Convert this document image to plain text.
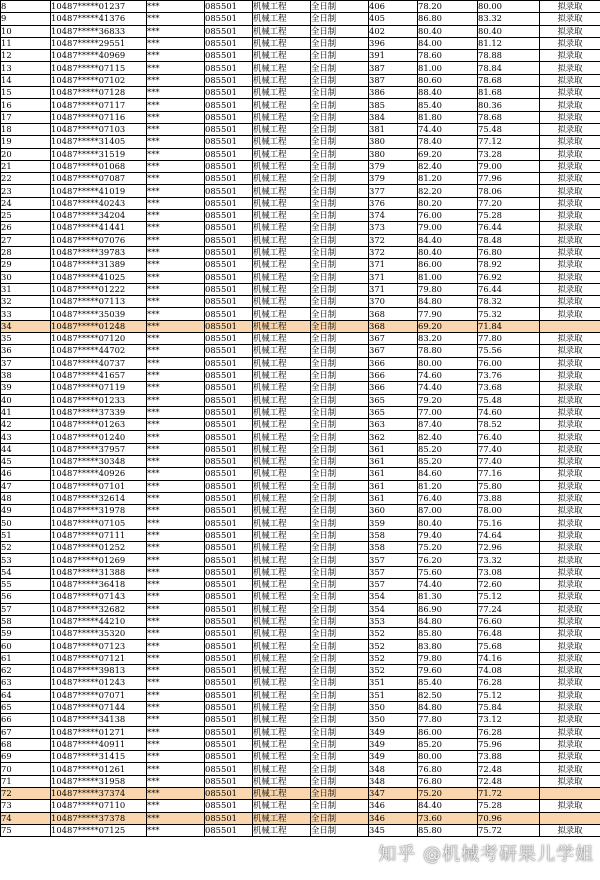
8	10487*****01237	***	085501	机械工程	全日制	406	78.20	80.00	拟录取
9	10487*****41376	***	085501	机械工程	全日制	405	86.80	83.32	拟录取
10	10487*****36833	***	085501	机械工程	全日制	402	80.40	80.40	拟录取
11	10487*****29551	***	085501	机械工程	全日制	396	84.00	81.12	拟录取
12	10487*****40969	***	085501	机械工程	全日制	391	78.60	78.88	拟录取
13	10487*****07115	***	085501	机械工程	全日制	387	81.00	78.84	拟录取
14	10487*****07102	***	085501	机械工程	全日制	387	80.60	78.68	拟录取
15	10487*****07128	***	085501	机械工程	全日制	386	88.40	81.68	拟录取
16	10487*****07117	***	085501	机械工程	全日制	385	85.40	80.36	拟录取
17	10487*****07116	***	085501	机械工程	全日制	384	81.80	78.68	拟录取
18	10487*****07103	***	085501	机械工程	全日制	381	74.40	75.48	拟录取
19	10487*****31405	***	085501	机械工程	全日制	380	78.40	77.12	拟录取
20	10487*****31519	***	085501	机械工程	全日制	380	69.20	73.28	拟录取
21	10487*****01068	***	085501	机械工程	全日制	379	82.40	79.00	拟录取
22	10487*****07087	***	085501	机械工程	全日制	379	81.20	77.96	拟录取
23	10487*****41019	***	085501	机械工程	全日制	377	82.20	78.06	拟录取
24	10487*****40243	***	085501	机械工程	全日制	376	80.20	77.20	拟录取
25	10487*****34204	***	085501	机械工程	全日制	374	76.00	75.28	拟录取
26	10487*****41441	***	085501	机械工程	全日制	373	79.00	76.44	拟录取
27	10487*****07076	***	085501	机械工程	全日制	372	84.40	78.48	拟录取
28	10487*****39783	***	085501	机械工程	全日制	372	80.40	76.80	拟录取
29	10487*****31389	***	085501	机械工程	全日制	371	86.00	78.92	拟录取
30	10487*****41025	***	085501	机械工程	全日制	371	81.00	76.92	拟录取
31	10487*****01222	***	085501	机械工程	全日制	371	79.80	76.44	拟录取
32	10487*****07113	***	085501	机械工程	全日制	370	84.80	78.32	拟录取
33	10487*****35039	***	085501	机械工程	全日制	368	77.90	75.32	拟录取
34	10487*****01248	***	085501	机械工程	全日制	368	69.20	71.84	
35	10487*****07120	***	085501	机械工程	全日制	367	83.20	77.80	拟录取
36	10487*****44702	***	085501	机械工程	全日制	367	78.80	75.56	拟录取
37	10487*****40737	***	085501	机械工程	全日制	366	80.00	76.00	拟录取
38	10487*****41657	***	085501	机械工程	全日制	366	74.60	73.76	拟录取
39	10487*****07119	***	085501	机械工程	全日制	366	74.40	73.68	拟录取
40	10487*****01233	***	085501	机械工程	全日制	365	79.20	75.48	拟录取
41	10487*****37339	***	085501	机械工程	全日制	365	77.00	74.60	拟录取
42	10487*****01263	***	085501	机械工程	全日制	363	87.40	78.52	拟录取
43	10487*****01240	***	085501	机械工程	全日制	362	82.40	76.40	拟录取
44	10487*****37957	***	085501	机械工程	全日制	361	85.20	77.40	拟录取
45	10487*****30348	***	085501	机械工程	全日制	361	85.20	77.40	拟录取
46	10487*****40926	***	085501	机械工程	全日制	361	84.60	77.16	拟录取
47	10487*****07101	***	085501	机械工程	全日制	361	81.20	75.80	拟录取
48	10487*****32614	***	085501	机械工程	全日制	361	76.40	73.88	拟录取
49	10487*****31978	***	085501	机械工程	全日制	360	87.00	78.00	拟录取
50	10487*****07105	***	085501	机械工程	全日制	359	80.40	75.16	拟录取
51	10487*****07111	***	085501	机械工程	全日制	358	79.40	74.64	拟录取
52	10487*****01252	***	085501	机械工程	全日制	358	75.20	72.96	拟录取
53	10487*****01269	***	085501	机械工程	全日制	357	76.20	73.32	拟录取
54	10487*****31388	***	085501	机械工程	全日制	357	75.60	73.08	拟录取
55	10487*****36418	***	085501	机械工程	全日制	357	74.40	72.60	拟录取
56	10487*****07143	***	085501	机械工程	全日制	354	81.30	75.12	拟录取
57	10487*****32682	***	085501	机械工程	全日制	354	86.90	77.24	拟录取
58	10487*****44210	***	085501	机械工程	全日制	353	84.80	76.60	拟录取
59	10487*****35320	***	085501	机械工程	全日制	352	85.80	76.48	拟录取
60	10487*****07123	***	085501	机械工程	全日制	352	83.80	75.68	拟录取
61	10487*****07121	***	085501	机械工程	全日制	352	79.80	74.16	拟录取
62	10487*****39813	***	085501	机械工程	全日制	352	79.60	74.08	拟录取
63	10487*****01243	***	085501	机械工程	全日制	351	85.40	76.28	拟录取
64	10487*****07071	***	085501	机械工程	全日制	351	82.50	75.12	拟录取
65	10487*****07144	***	085501	机械工程	全日制	350	84.80	75.84	拟录取
66	10487*****34138	***	085501	机械工程	全日制	350	77.80	73.12	拟录取
67	10487*****01271	***	085501	机械工程	全日制	349	86.00	76.28	拟录取
68	10487*****40911	***	085501	机械工程	全日制	349	85.20	75.96	拟录取
69	10487*****31415	***	085501	机械工程	全日制	349	80.00	73.88	拟录取
70	10487*****01261	***	085501	机械工程	全日制	348	76.80	72.48	拟录取
71	10487*****31958	***	085501	机械工程	全日制	348	76.80	72.48	拟录取
72	10487*****37374	***	085501	机械工程	全日制	347	75.20	71.72	
73	10487*****07110	***	085501	机械工程	全日制	346	84.40	75.28	拟录取
74	10487*****37378	***	085501	机械工程	全日制	346	73.60	70.96	
75	10487*****07125	***	085501	机械工程	全日制	345	85.80	75.72	拟录取
知乎 @机械考研果儿学姐
